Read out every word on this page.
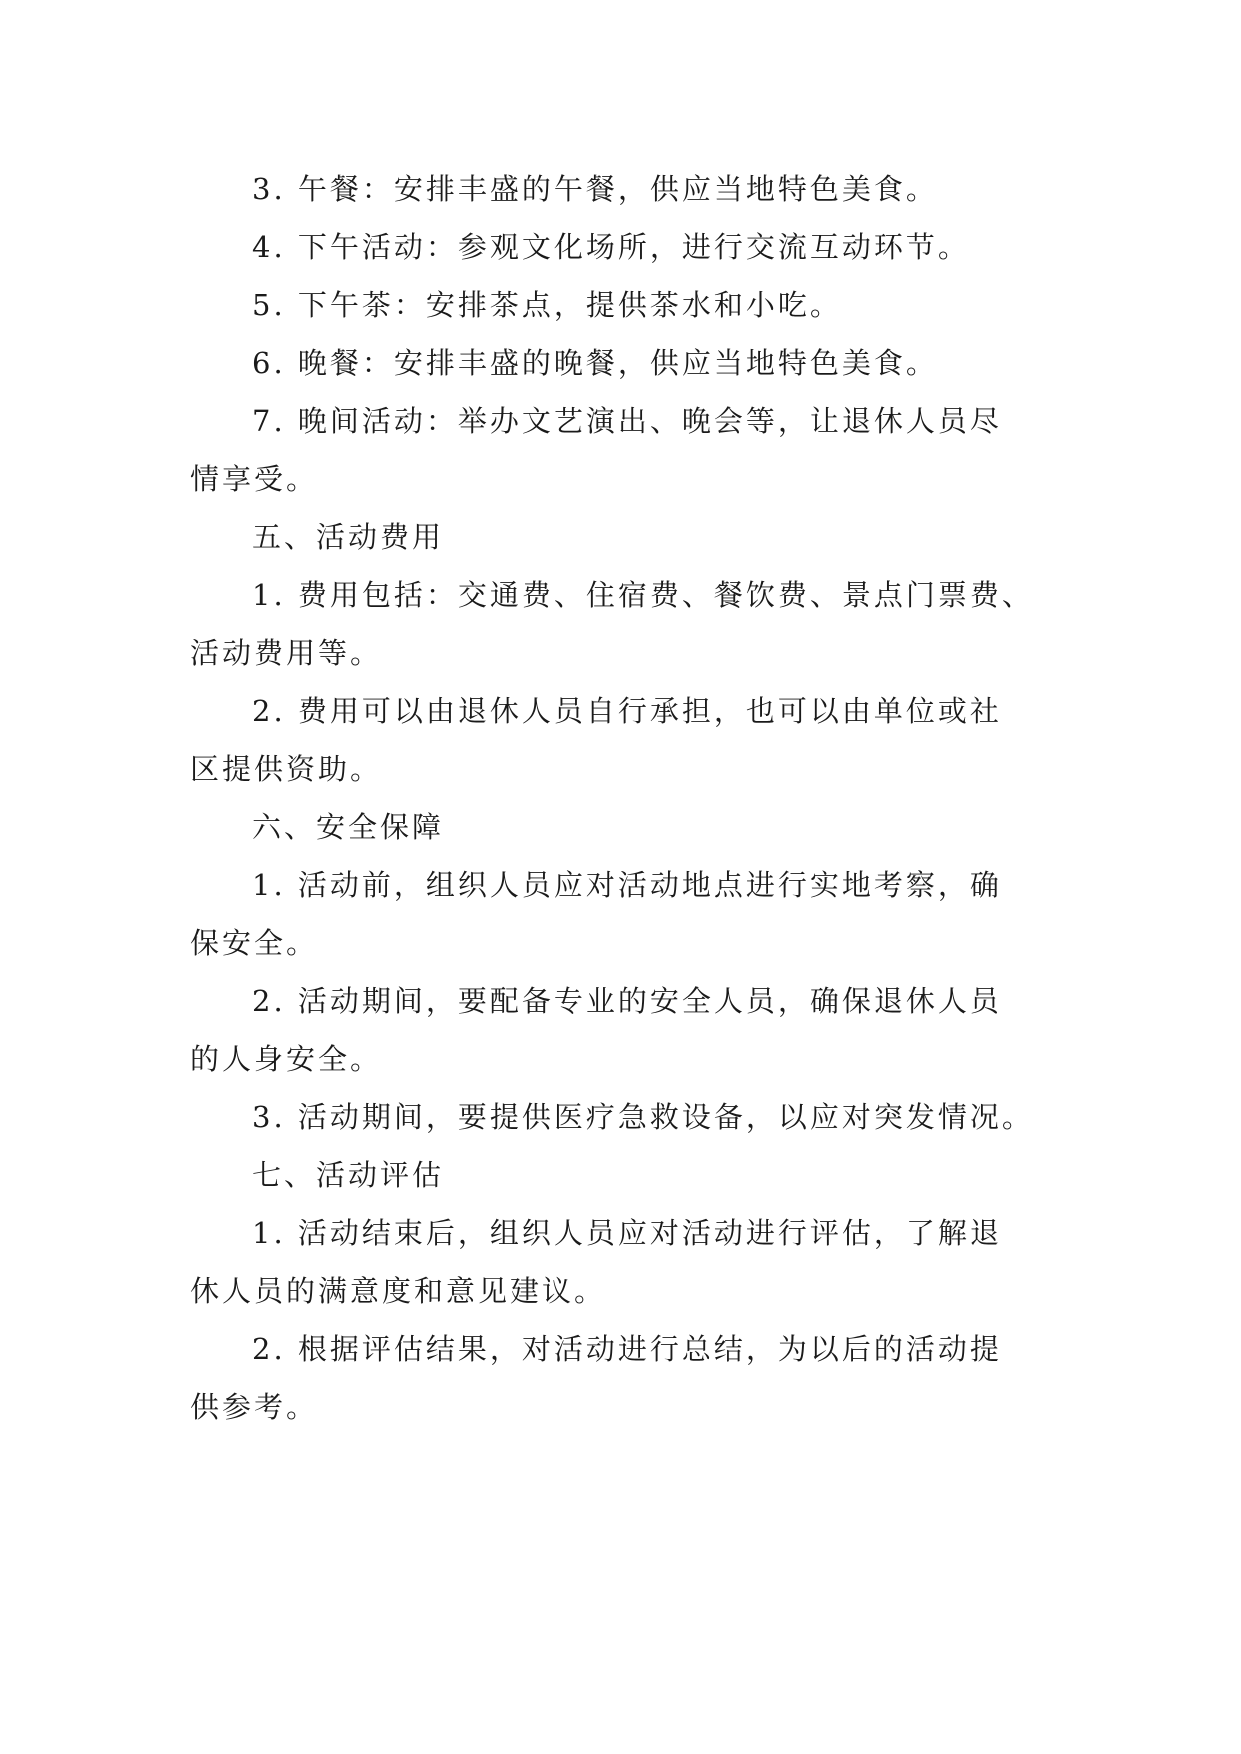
3. 午餐：安排丰盛的午餐，供应当地特色美食。
4. 下午活动：参观文化场所，进行交流互动环节。
5. 下午茶：安排茶点，提供茶水和小吃。
6. 晚餐：安排丰盛的晚餐，供应当地特色美食。
7. 晚间活动：举办文艺演出、晚会等，让退休人员尽
情享受。
五、活动费用
1. 费用包括：交通费、住宿费、餐饮费、景点门票费、
活动费用等。
2. 费用可以由退休人员自行承担，也可以由单位或社
区提供资助。
六、安全保障
1. 活动前，组织人员应对活动地点进行实地考察，确
保安全。
2. 活动期间，要配备专业的安全人员，确保退休人员
的人身安全。
3. 活动期间，要提供医疗急救设备，以应对突发情况。
七、活动评估
1. 活动结束后，组织人员应对活动进行评估，了解退
休人员的满意度和意见建议。
2. 根据评估结果，对活动进行总结，为以后的活动提
供参考。
